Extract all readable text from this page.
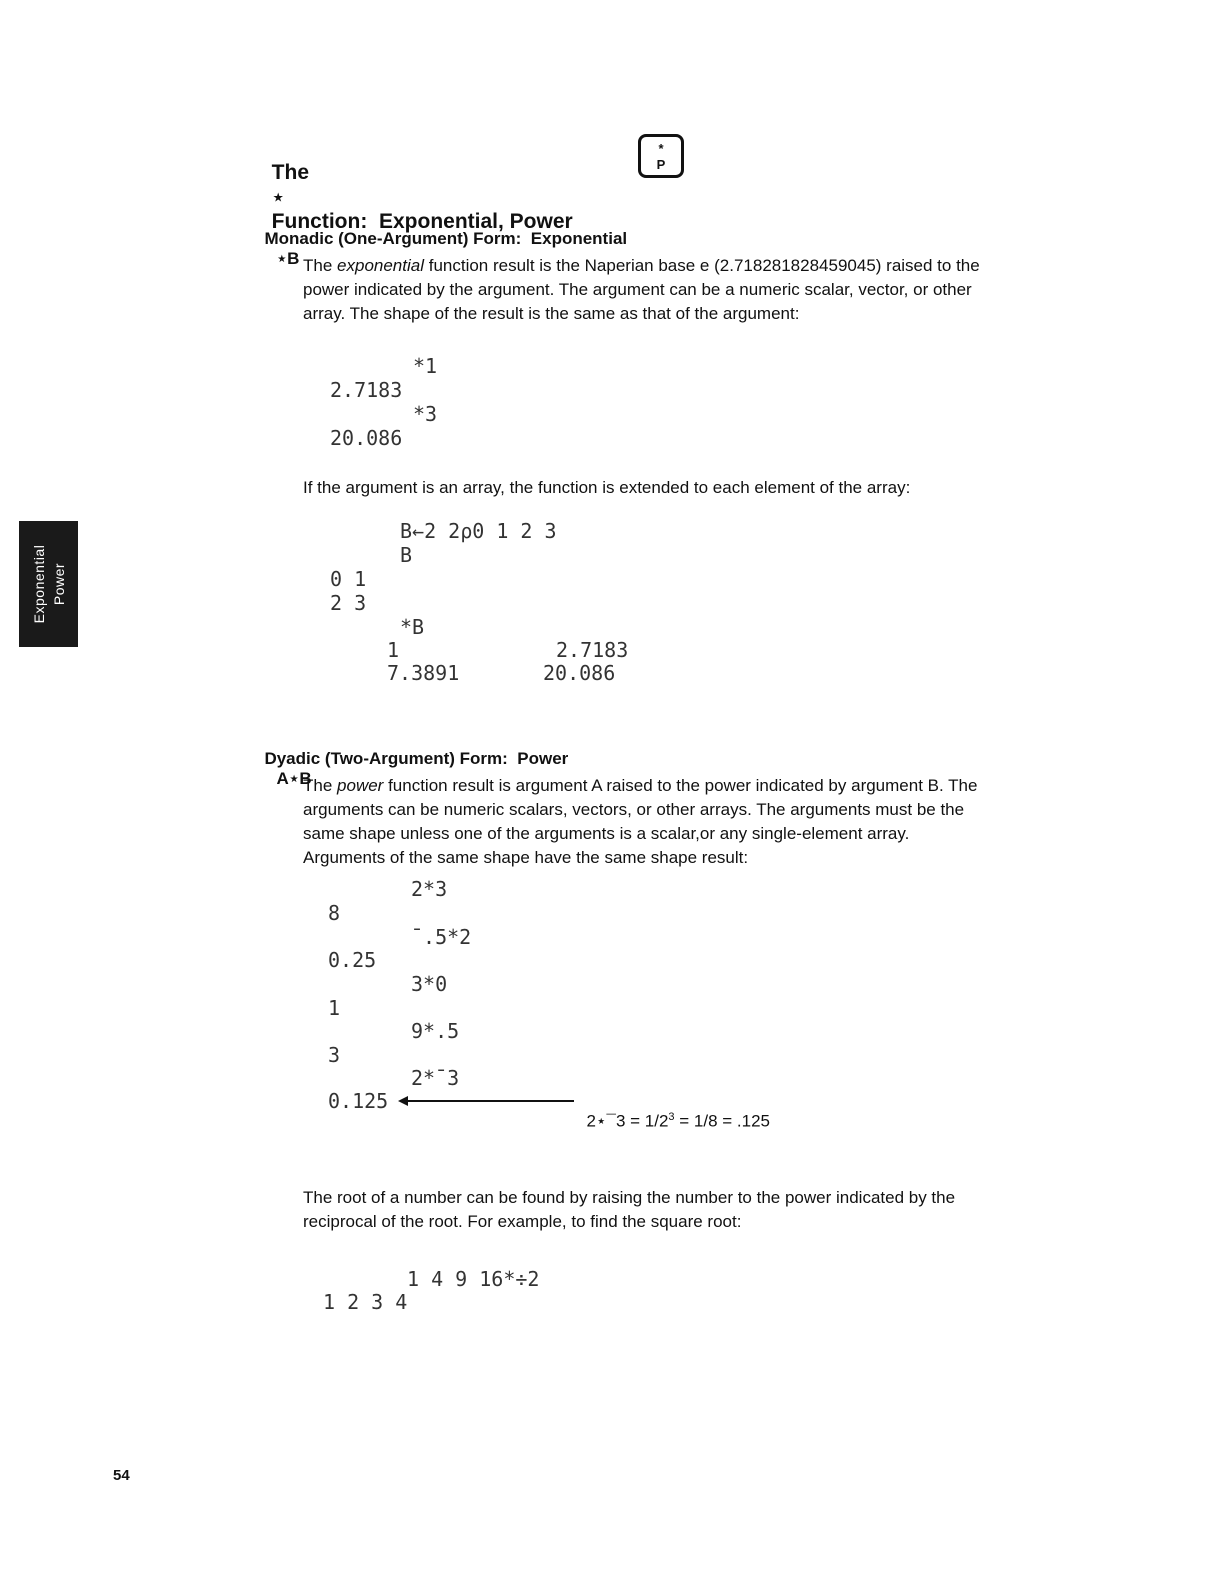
The
⋆
Function:  Exponential, Power

*
P
Exponential Power

Monadic (One-Argument) Form:  Exponential
⋆B The exponential function result is the Naperian base e (2.718281828459045) raised to the power indicated by the argument. The argument can be a numeric scalar, vector, or other array. The shape of the result is the same as that of the argument:
*1
2.7183
*3
20.086
If the argument is an array, the function is extended to each element of the array:
B←2 2⍴0 1 2 3
B
0 1
2 3
*B
1	2.7183
7.3891	20.086

Dyadic (Two-Argument) Form:  Power
A⋆B

The power function result is argument A raised to the power indicated by argument B. The arguments can be numeric scalars, vectors, or other arrays. The arguments must be the same shape unless one of the arguments is a scalar,or any single-element array. Arguments of the same shape have the same shape result:
2*3
8
¯.5*2
0.25
3*0
1
9*.5
3
2*¯3
0.125

2⋆¯3 = $1/2^3 = 1/8 = .125$

The root of a number can be found by raising the number to the power indicated by the reciprocal of the root. For example, to find the square root:
1 4 9 16*÷2
1 2 3 4
54
